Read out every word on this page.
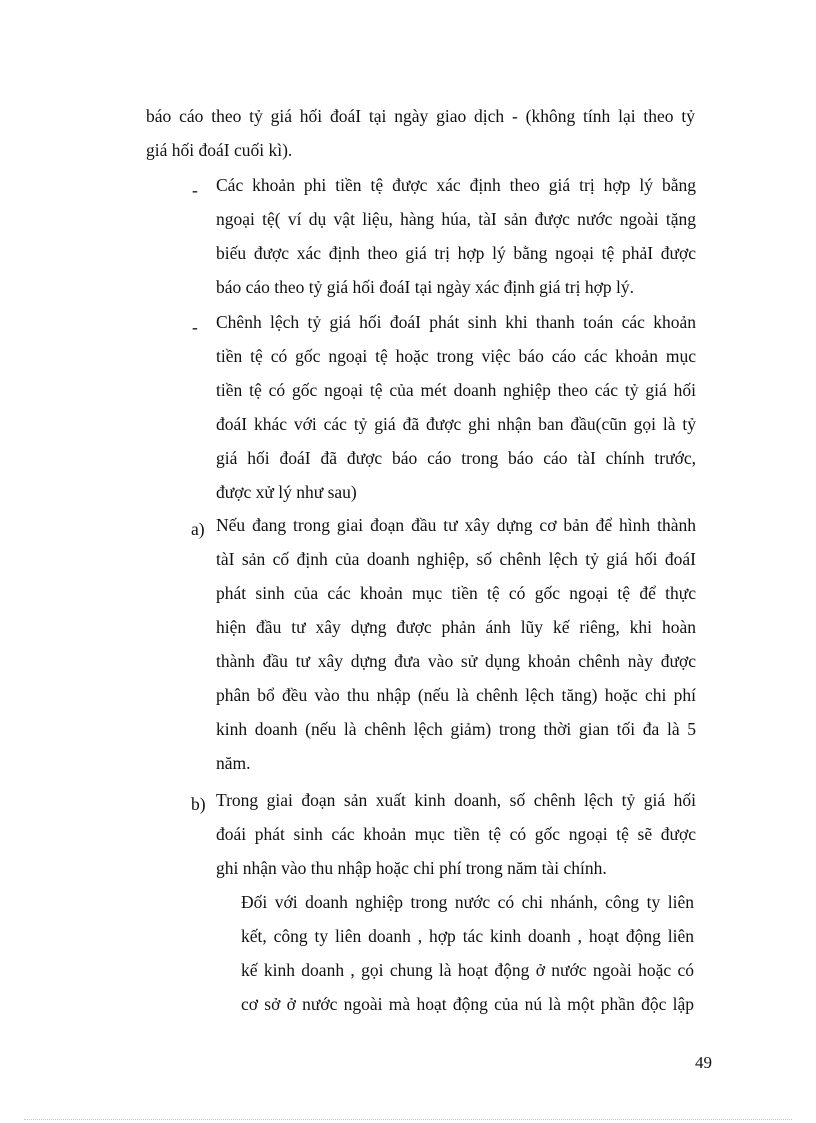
báo cáo theo tỷ giá hối đoáI tại ngày giao dịch - (không tính lại theo tỷ
giá hối đoáI cuối kì).
- Các khoản phi tiền tệ được xác định theo giá trị hợp lý bằng
ngoại tệ( ví dụ vật liệu, hàng húa, tàI sản được nước ngoài tặng
biếu được xác định theo giá trị hợp lý bằng ngoại tệ phảI được
báo cáo theo tỷ giá hối đoáI tại ngày xác định giá trị hợp lý.
- Chênh lệch tỷ giá hối đoáI phát sinh khi thanh toán các khoản
tiền tệ có gốc ngoại tệ hoặc trong việc báo cáo các khoản mục
tiền tệ có gốc ngoại tệ của mét doanh nghiệp theo các tỷ giá hối
đoáI khác với các tỷ giá đã được ghi nhận ban đầu(cũn gọi là tỷ
giá hối đoáI đã được báo cáo trong báo cáo tàI chính trước,
được xử lý như sau)
a) Nếu đang trong giai đoạn đầu tư xây dựng cơ bản để hình thành
tàI sản cố định của doanh nghiệp, số chênh lệch tỷ giá hối đoáI
phát sinh của các khoản mục tiền tệ có gốc ngoại tệ để thực
hiện đầu tư xây dựng được phản ánh lũy kế riêng, khi hoàn
thành đầu tư xây dựng đưa vào sử dụng khoản chênh này được
phân bổ đều vào thu nhập (nếu là chênh lệch tăng) hoặc chi phí
kinh doanh (nếu là chênh lệch giảm) trong thời gian tối đa là 5
năm.
b) Trong giai đoạn sản xuất kinh doanh, số chênh lệch tỷ giá hối
đoái phát sinh các khoản mục tiền tệ có gốc ngoại tệ sẽ được
ghi nhận vào thu nhập hoặc chi phí trong năm tài chính.
Đối với doanh nghiệp trong nước có chi nhánh, công ty liên
kết, công ty liên doanh , hợp tác kinh doanh , hoạt động liên
kế kinh doanh , gọi chung là hoạt động ở nước ngoài hoặc có
cơ sở ở nước ngoài mà hoạt động của nú là một phần độc lập
49
